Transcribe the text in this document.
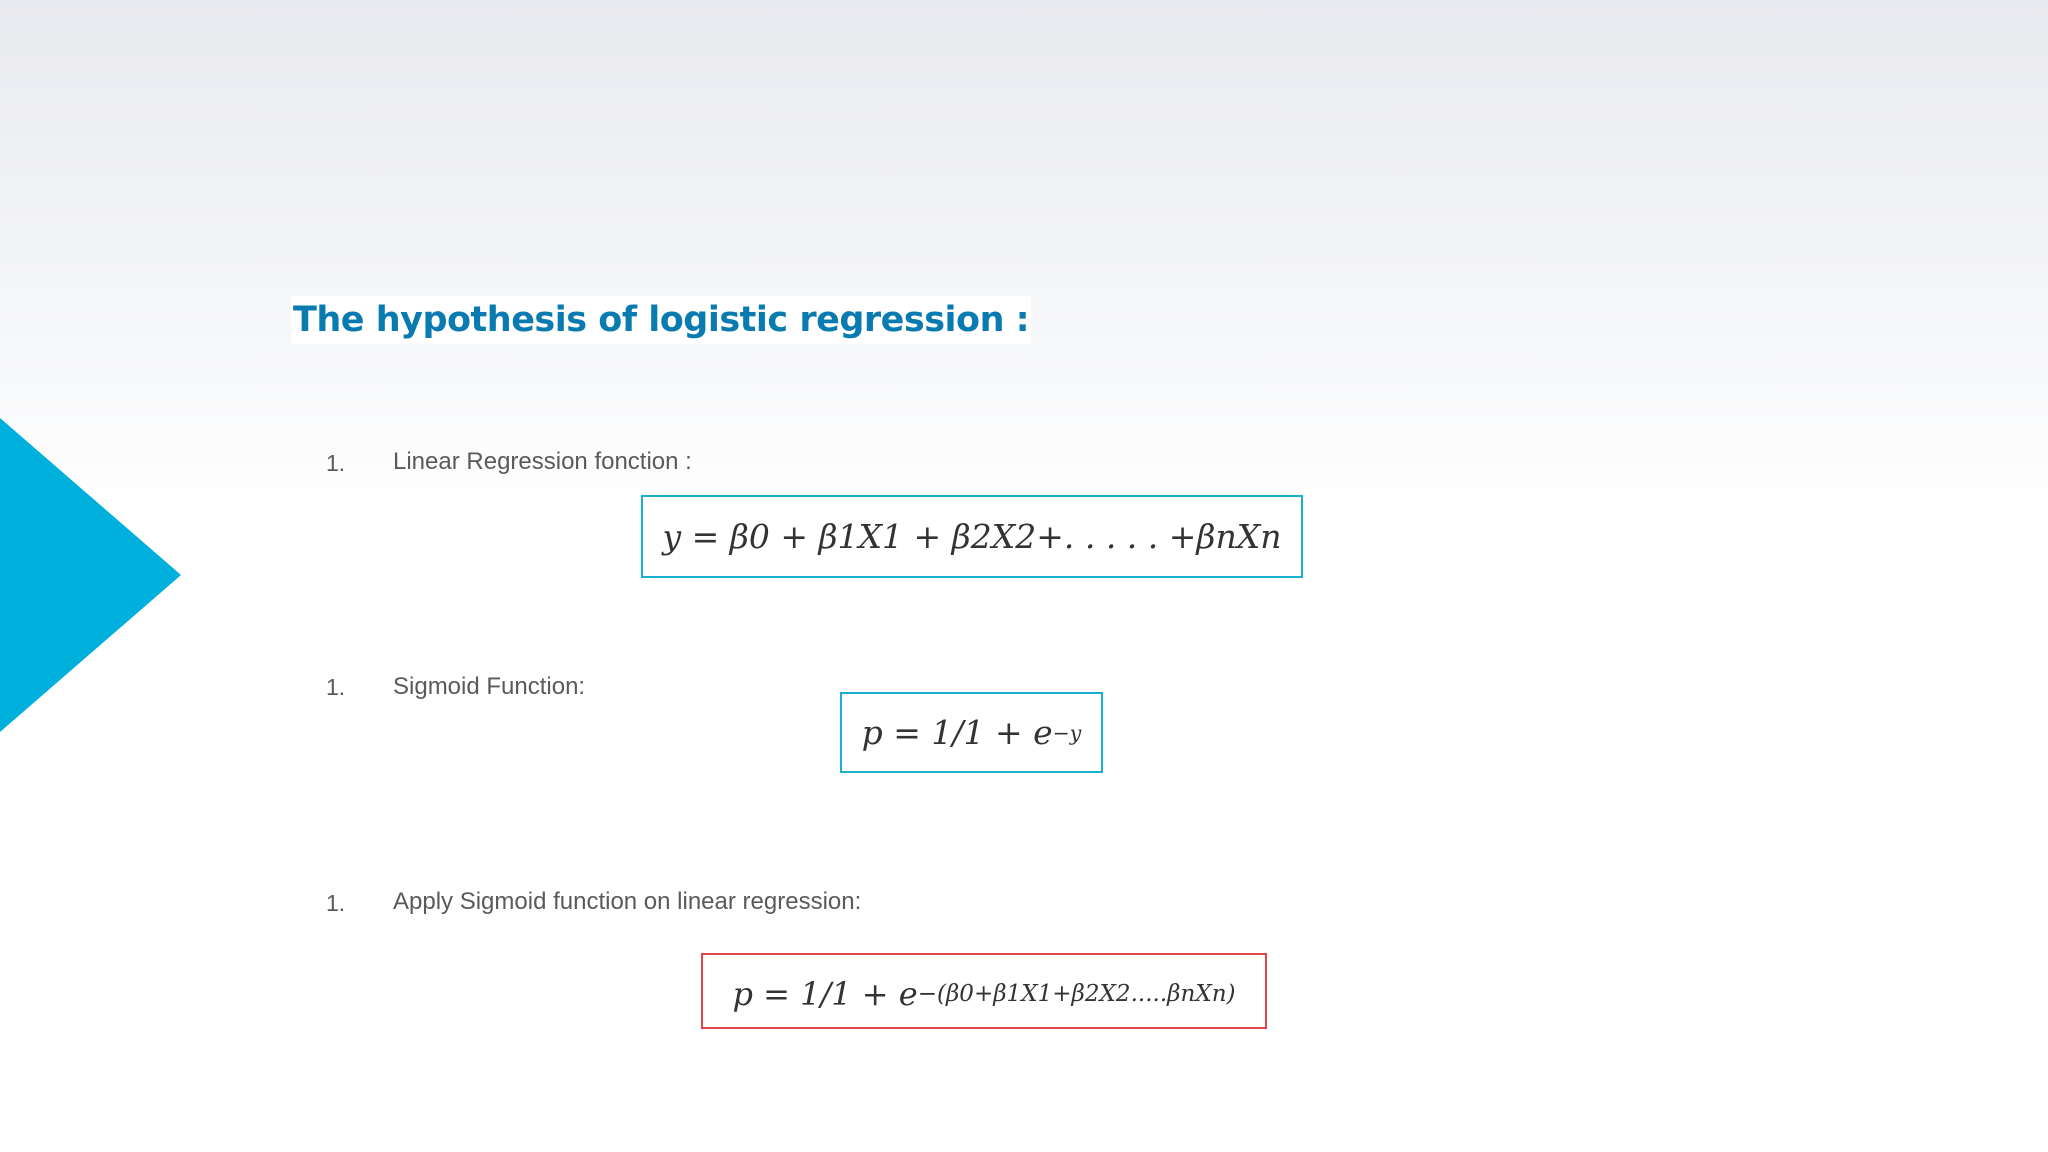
The hypothesis of logistic regression :
1. Linear Regression fonction :
y = β0 + β1X1 + β2X2+. . . . . +βnXn
1. Sigmoid Function:
p = 1/1 + e −y
1. Apply Sigmoid function on linear regression:
p = 1/1 + e −(β0+β1X1+β2X2.....βnXn)
